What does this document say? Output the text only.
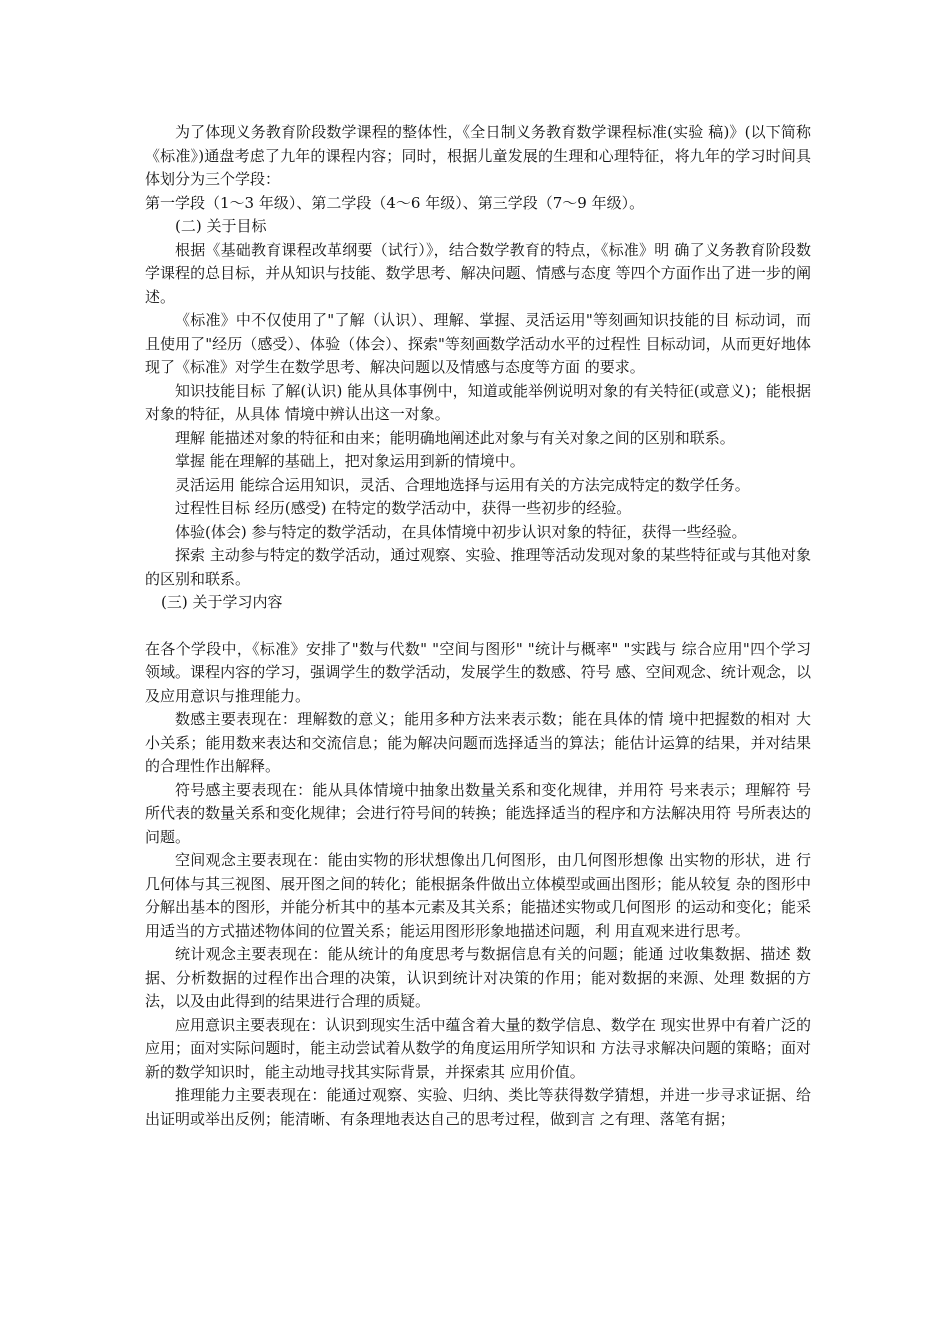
为了体现义务教育阶段数学课程的整体性，《全日制义务教育数学课程标准(实验 稿)》(以下简称《标准》)通盘考虑了九年的课程内容；同时，根据儿童发展的生理和心理特征，将九年的学习时间具体划分为三个学段：

第一学段（1～3 年级）、第二学段（4～6 年级）、第三学段（7～9 年级）。

(二) 关于目标

根据《基础教育课程改革纲要（试行）》，结合数学教育的特点，《标准》明 确了义务教育阶段数学课程的总目标，并从知识与技能、数学思考、解决问题、情感与态度 等四个方面作出了进一步的阐述。

《标准》中不仅使用了"了解（认识）、理解、掌握、灵活运用"等刻画知识技能的目 标动词，而且使用了"经历（感受）、体验（体会）、探索"等刻画数学活动水平的过程性 目标动词，从而更好地体现了《标准》对学生在数学思考、解决问题以及情感与态度等方面 的要求。

知识技能目标 了解(认识) 能从具体事例中，知道或能举例说明对象的有关特征(或意义)；能根据对象的特征，从具体 情境中辨认出这一对象。

理解 能描述对象的特征和由来；能明确地阐述此对象与有关对象之间的区别和联系。

掌握 能在理解的基础上，把对象运用到新的情境中。

灵活运用 能综合运用知识，灵活、合理地选择与运用有关的方法完成特定的数学任务。

过程性目标 经历(感受) 在特定的数学活动中，获得一些初步的经验。

体验(体会) 参与特定的数学活动，在具体情境中初步认识对象的特征，获得一些经验。

探索 主动参与特定的数学活动，通过观察、实验、推理等活动发现对象的某些特征或与其他对象的区别和联系。

(三) 关于学习内容

在各个学段中，《标准》安排了"数与代数" "空间与图形" "统计与概率" "实践与 综合应用"四个学习领域。课程内容的学习，强调学生的数学活动，发展学生的数感、符号 感、空间观念、统计观念，以及应用意识与推理能力。

数感主要表现在：理解数的意义；能用多种方法来表示数；能在具体的情 境中把握数的相对 大小关系；能用数来表达和交流信息；能为解决问题而选择适当的算法；能估计运算的结果，并对结果的合理性作出解释。

符号感主要表现在：能从具体情境中抽象出数量关系和变化规律，并用符 号来表示；理解符 号所代表的数量关系和变化规律；会进行符号间的转换；能选择适当的程序和方法解决用符 号所表达的问题。

空间观念主要表现在：能由实物的形状想像出几何图形，由几何图形想像 出实物的形状，进 行几何体与其三视图、展开图之间的转化；能根据条件做出立体模型或画出图形；能从较复 杂的图形中分解出基本的图形，并能分析其中的基本元素及其关系；能描述实物或几何图形 的运动和变化；能采用适当的方式描述物体间的位置关系；能运用图形形象地描述问题，利 用直观来进行思考。

统计观念主要表现在：能从统计的角度思考与数据信息有关的问题；能通 过收集数据、描述 数据、分析数据的过程作出合理的决策，认识到统计对决策的作用；能对数据的来源、处理 数据的方法，以及由此得到的结果进行合理的质疑。

应用意识主要表现在：认识到现实生活中蕴含着大量的数学信息、数学在 现实世界中有着广泛的应用；面对实际问题时，能主动尝试着从数学的角度运用所学知识和 方法寻求解决问题的策略；面对新的数学知识时，能主动地寻找其实际背景，并探索其 应用价值。

推理能力主要表现在：能通过观察、实验、归纳、类比等获得数学猜想，并进一步寻求证据、给出证明或举出反例；能清晰、有条理地表达自己的思考过程，做到言 之有理、落笔有据；
